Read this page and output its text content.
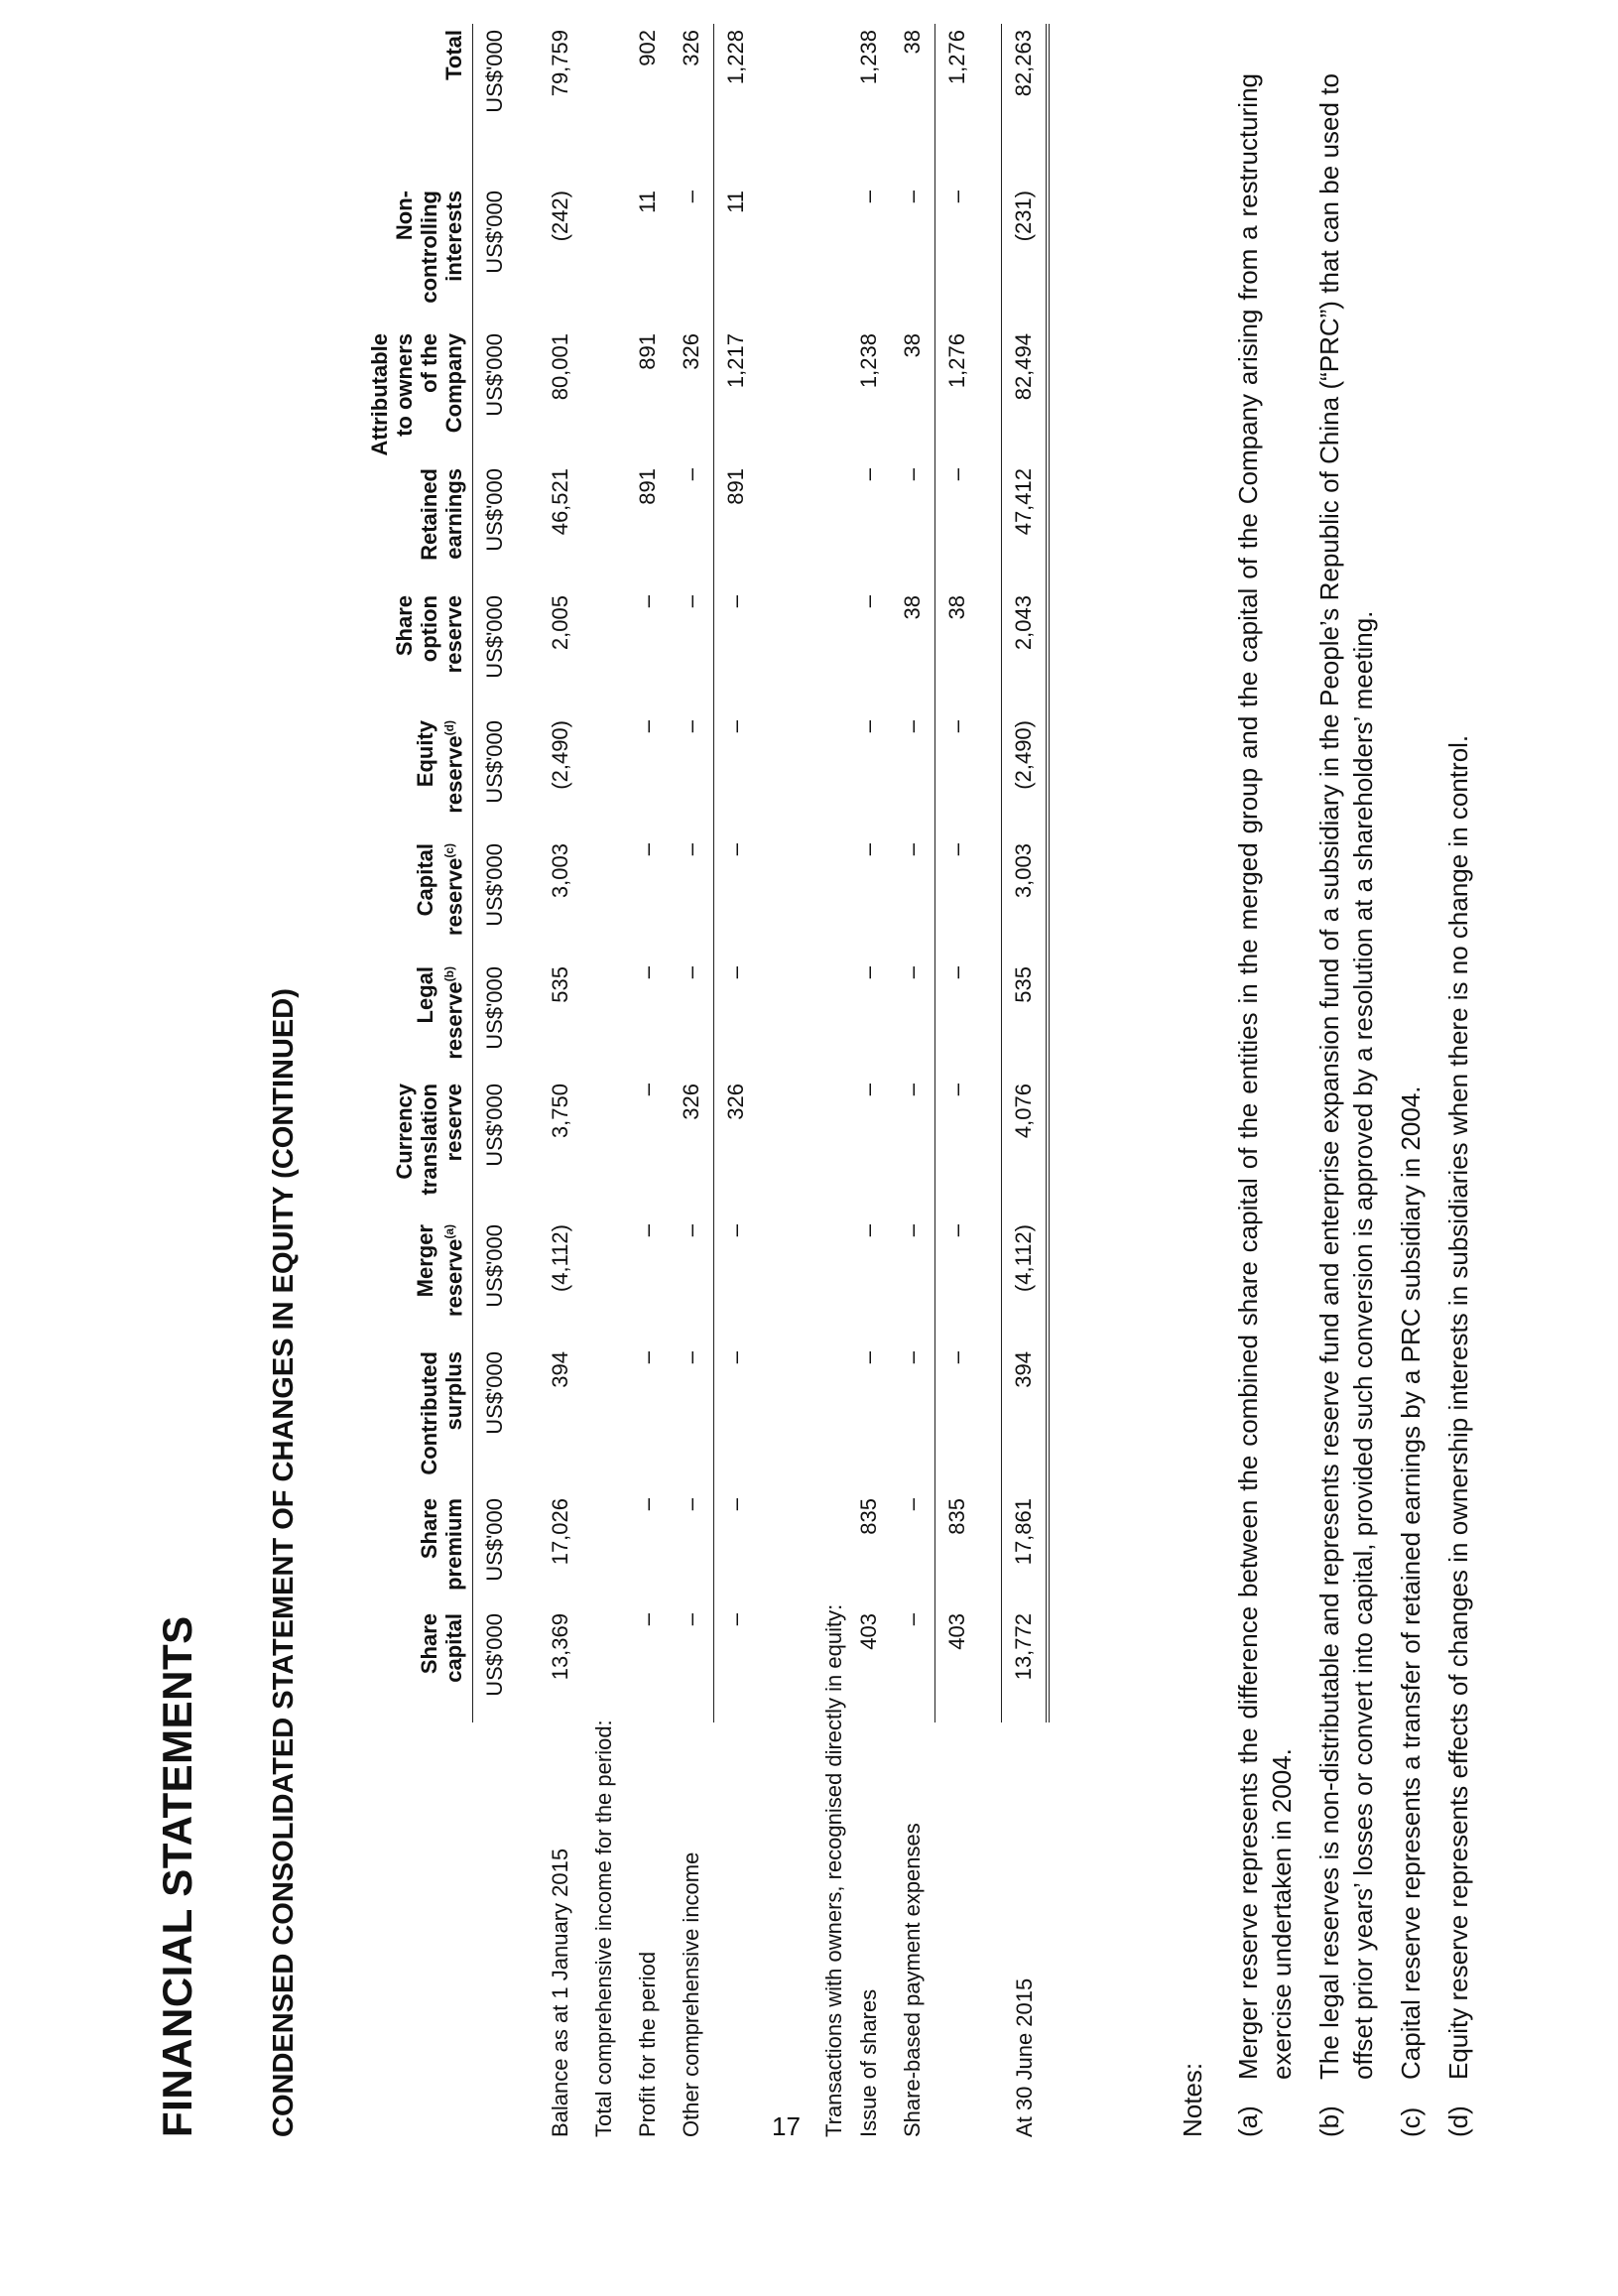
FINANCIAL STATEMENTS CONDENSED CONSOLIDATED STATEMENT OF CHANGES IN EQUITY (CONTINUED)
		Share capital	Share premium	Contributed surplus	Merger reserve$^{(a)}$	Currency translation reserve	Legal reserve$^{(b)}$	Capital reserve$^{(c)}$	Equity reserve$^{(d)}$	Share option reserve	Retained earnings	Attributable to owners of the Company	Non-controlling interests	Total
	US$'000	US$'000	US$'000	US$'000	US$'000	US$'000	US$'000	US$'000	US$'000	US$'000	US$'000	US$'000	US$'000

Balance as at 1 January 2015	13,369	17,026	394	(4,112)	3,750	535	3,003	(2,490)	2,005	46,521	80,001	(242)	79,759
Total comprehensive income for the period:													
Profit for the period	–	–	–	–	–	–	–	–	–	891	891	11	902
Other comprehensive income	–	–	–	–	326	–	–	–	–	–	326	–	326
	–	–	–	–	326	–	–	–	–	891	1,217	11	1,228
Transactions with owners, recognised directly in equity:													
Issue of shares	403	835	–	–	–	–	–	–	–	–	1,238	–	1,238
Share-based payment expenses	–	–	–	–	–	–	–	–	38	–	38	–	38
	403	835	–	–	–	–	–	–	38	–	1,276	–	1,276

At 30 June 2015	13,772	17,861	394	(4,112)	4,076	535	3,003	(2,490)	2,043	47,412	82,494	(231)	82,263

Notes: (a)
Merger reserve represents the difference between the combined share capital of the entities in the merged group and the capital of the Company arising from a restructuring exercise undertaken in 2004.
(b)
The legal reserves is non-distributable and represents reserve fund and enterprise expansion fund of a subsidiary in the People’s Republic of China (“PRC”) that can be used to offset prior years’ losses or convert into capital, provided such conversion is approved by a resolution at a shareholders’ meeting.
(c)
Capital reserve represents a transfer of retained earnings by a PRC subsidiary in 2004.
(d)
Equity reserve represents effects of changes in ownership interests in subsidiaries when there is no change in control.
17
